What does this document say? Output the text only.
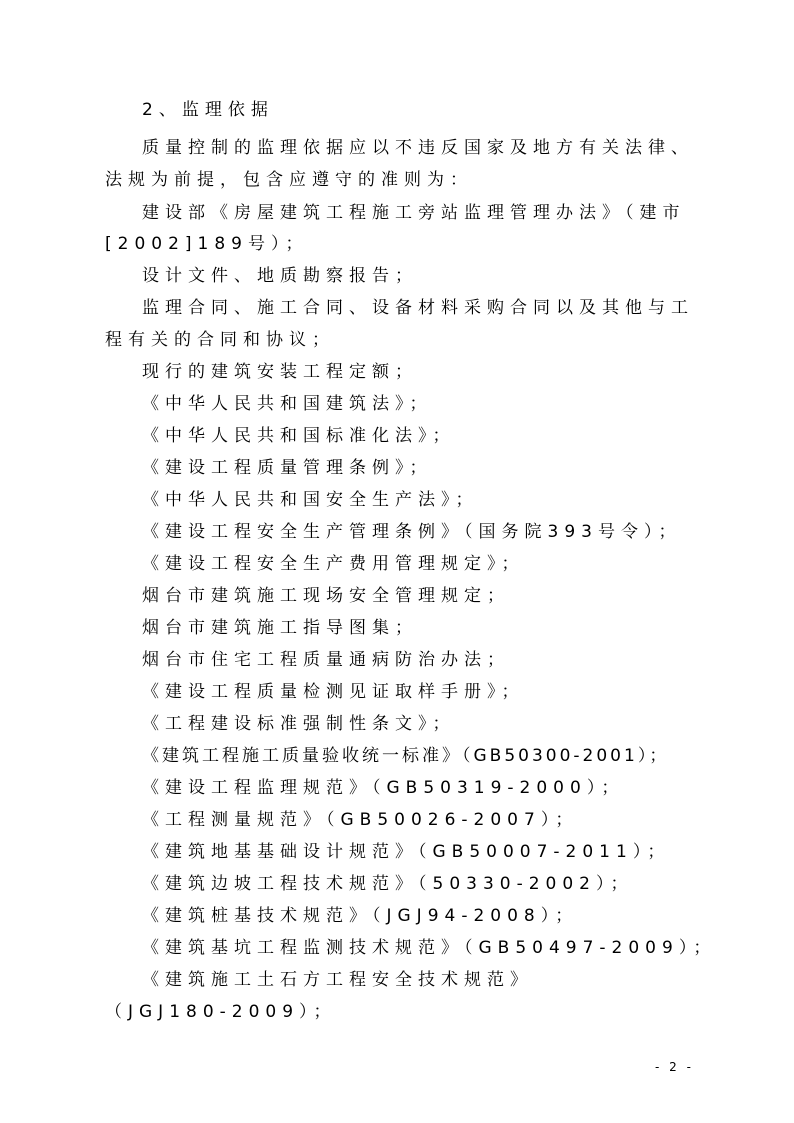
2、监理依据
质量控制的监理依据应以不违反国家及地方有关法律、
法规为前提，包含应遵守的准则为：
建设部《房屋建筑工程施工旁站监理管理办法》（建市
[2002]189号）；
设计文件、地质勘察报告；
监理合同、施工合同、设备材料采购合同以及其他与工
程有关的合同和协议；
现行的建筑安装工程定额；
《中华人民共和国建筑法》；
《中华人民共和国标准化法》；
《建设工程质量管理条例》；
《中华人民共和国安全生产法》；
《建设工程安全生产管理条例》（国务院393号令）；
《建设工程安全生产费用管理规定》；
烟台市建筑施工现场安全管理规定；
烟台市建筑施工指导图集；
烟台市住宅工程质量通病防治办法；
《建设工程质量检测见证取样手册》；
《工程建设标准强制性条文》；
《建筑工程施工质量验收统一标准》（GB50300-2001）；
《建设工程监理规范》（GB50319-2000）；
《工程测量规范》（GB50026-2007）；
《建筑地基基础设计规范》（GB50007-2011）；
《建筑边坡工程技术规范》（50330-2002）；
《建筑桩基技术规范》（JGJ94-2008）；
《建筑基坑工程监测技术规范》（GB50497-2009）；
《建筑施工土石方工程安全技术规范》
（JGJ180-2009）；
- 2 -
